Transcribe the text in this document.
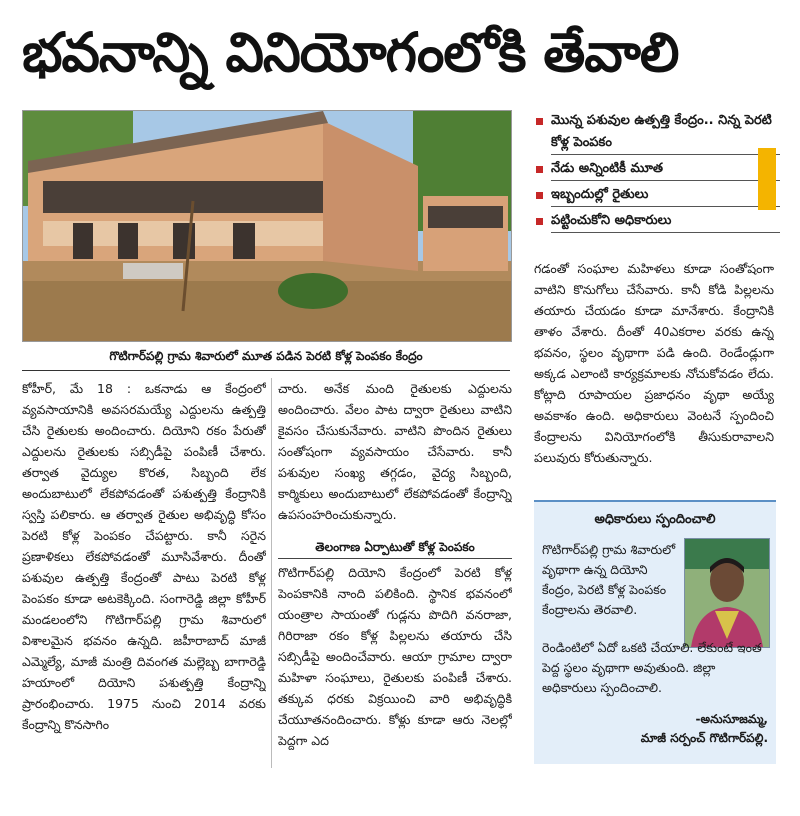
భవనాన్ని వినియోగంలోకి తేవాలి
గొటిగార్‌పల్లి గ్రామ శివారులో మూత పడిన పెరటి కోళ్ల పెంపకం కేంద్రం
మొన్న పశువుల ఉత్పత్తి కేంద్రం.. నిన్న పెరటి కోళ్ల పెంపకం
నేడు అన్నింటికీ మూత
ఇబ్బందుల్లో రైతులు
పట్టించుకోని అధికారులు
కోహీర్, మే 18 : ఒకనాడు ఆ కేంద్రంలో వ్యవసాయానికి అవసరమయ్యే ఎద్దులను ఉత్పత్తి చేసి రైతులకు అందించారు. దియోని రకం పేరుతో ఎద్దులను రైతులకు సబ్సిడీపై పంపిణీ చేశారు. తర్వాత వైద్యుల కొరత, సిబ్బంది లేక అందుబాటులో లేకపోవడంతో పశుత్పత్తి కేంద్రానికి స్వస్తి పలికారు. ఆ తర్వాత రైతుల అభివృద్ధి కోసం పెరటి కోళ్ల పెంపకం చేపట్టారు. కానీ సరైన ప్రణాళికలు లేకపోవడంతో మూసివేశారు. దీంతో పశువుల ఉత్పత్తి కేంద్రంతో పాటు పెరటి కోళ్ల పెంపకం కూడా అటకెక్కింది. సంగారెడ్డి జిల్లా కోహీర్ మండలంలోని గొటిగార్‌పల్లి గ్రామ శివారులో విశాలమైన భవనం ఉన్నది. జహీరాబాద్ మాజీ ఎమ్మెల్యే, మాజీ మంత్రి దివంగత మల్లెబ్బ బాగారెడ్డి హయాంలో దియోని పశుత్పత్తి కేంద్రాన్ని ప్రారంభించారు. 1975 నుంచి 2014 వరకు కేంద్రాన్ని కొనసాగిం
చారు. అనేక మంది రైతులకు ఎద్దులను అందించారు. వేలం పాట ద్వారా రైతులు వాటిని కైవసం చేసుకునేవారు. వాటిని పొందిన రైతులు సంతోషంగా వ్యవసాయం చేసేవారు. కానీ పశువుల సంఖ్య తగ్గడం, వైద్య సిబ్బంది, కార్మికులు అందుబాటులో లేకపోవడంతో కేంద్రాన్ని ఉపసంహరించుకున్నారు.
తెలంగాణ ఏర్పాటుతో కోళ్ల పెంపకం
గొటిగార్‌పల్లి దియోని కేంద్రంలో పెరటి కోళ్ల పెంపకానికి నాంది పలికింది. స్థానిక భవనంలో యంత్రాల సాయంతో గుడ్లను పొదిగి వనరాజా, గిరిరాజా రకం కోళ్ల పిల్లలను తయారు చేసి సబ్సిడీపై అందించేవారు. ఆయా గ్రామాల ద్వారా మహిళా సంఘాలు, రైతులకు పంపిణీ చేశారు. తక్కువ ధరకు విక్రయించి వారి అభివృద్ధికి చేయూతనందించారు. కోళ్లు కూడా ఆరు నెలల్లో పెద్దగా ఎద
గడంతో సంఘాల మహిళలు కూడా సంతోషంగా వాటిని కొనుగోలు చేసేవారు. కానీ కోడి పిల్లలను తయారు చేయడం కూడా మానేశారు. కేంద్రానికి తాళం వేశారు. దీంతో 40ఎకరాల వరకు ఉన్న భవనం, స్థలం వృథాగా పడి ఉంది. రెండేండ్లుగా అక్కడ ఎలాంటి కార్యక్రమాలకు నోచుకోవడం లేదు. కోట్లాది రూపాయల ప్రజాధనం వృథా అయ్యే అవకాశం ఉంది. అధికారులు వెంటనే స్పందించి కేంద్రాలను వినియోగంలోకి తీసుకురావాలని పలువురు కోరుతున్నారు.
అధికారులు స్పందించాలి
గొటిగార్‌పల్లి గ్రామ శివారులో వృథాగా ఉన్న దియోని కేంద్రం, పెరటి కోళ్ల పెంపకం కేంద్రాలను తెరవాలి.
రెండింటిలో ఏదో ఒకటి చేయాలి. లేకుంటే ఇంత పెద్ద స్థలం వృథాగా అవుతుంది. జిల్లా అధికారులు స్పందించాలి.
-అనుసూజమ్మ,
మాజీ సర్పంచ్ గొటిగార్‌పల్లి.
